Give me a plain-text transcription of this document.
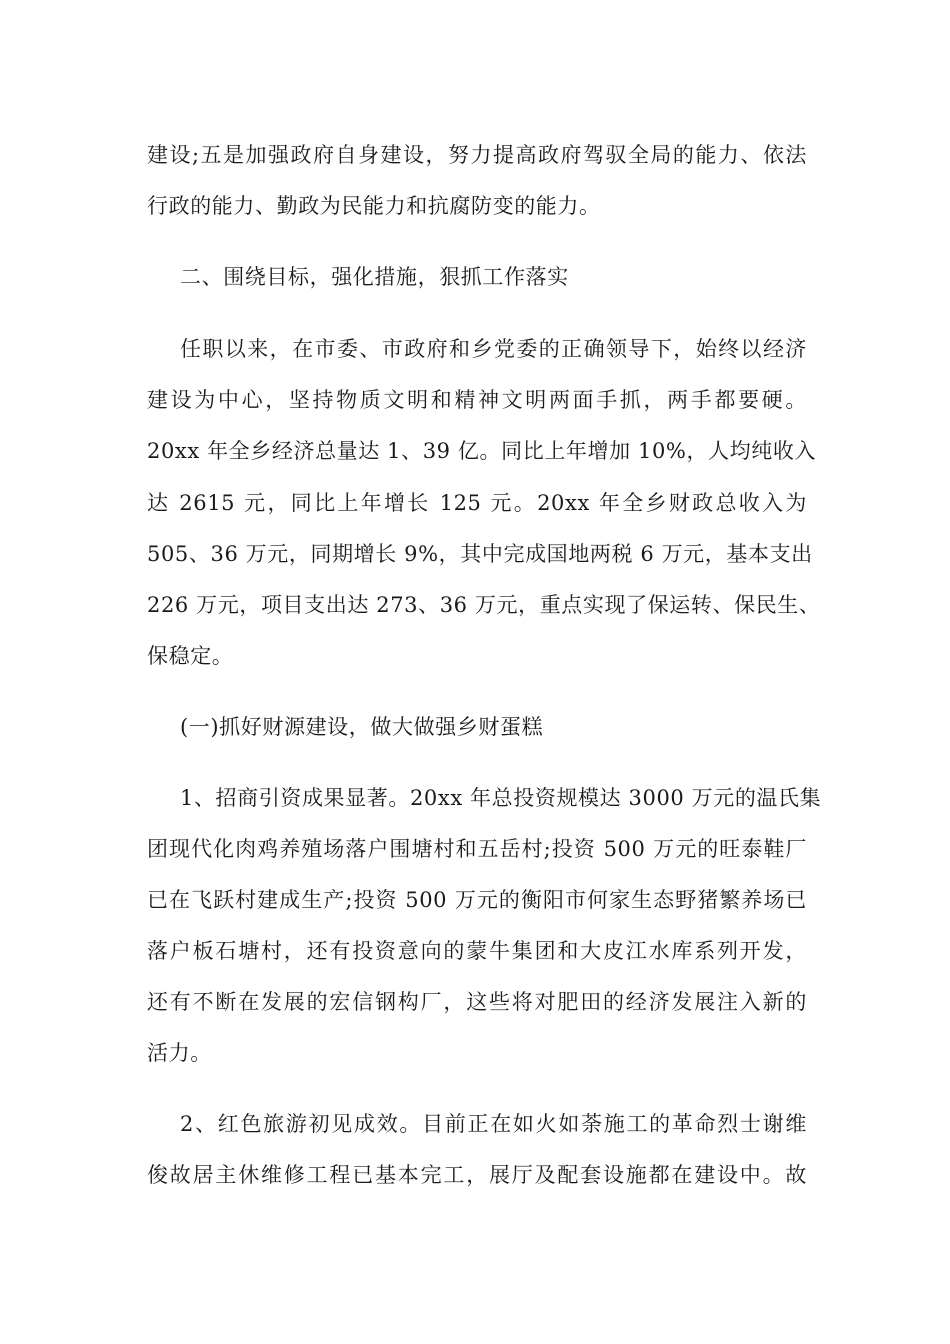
建设;五是加强政府自身建设，努力提高政府驾驭全局的能力、依法
行政的能力、勤政为民能力和抗腐防变的能力。
二、围绕目标，强化措施，狠抓工作落实
任职以来，在市委、市政府和乡党委的正确领导下，始终以经济
建设为中心，坚持物质文明和精神文明两面手抓，两手都要硬。
20xx 年全乡经济总量达 1、39 亿。同比上年增加 10%，人均纯收入
达 2615 元，同比上年增长 125 元。20xx 年全乡财政总收入为
505、36 万元，同期增长 9%，其中完成国地两税 6 万元，基本支出
226 万元，项目支出达 273、36 万元，重点实现了保运转、保民生、
保稳定。
(一)抓好财源建设，做大做强乡财蛋糕
1、招商引资成果显著。20xx 年总投资规模达 3000 万元的温氏集
团现代化肉鸡养殖场落户围塘村和五岳村;投资 500 万元的旺泰鞋厂
已在飞跃村建成生产;投资 500 万元的衡阳市何家生态野猪繁养场已
落户板石塘村，还有投资意向的蒙牛集团和大皮江水库系列开发，
还有不断在发展的宏信钢构厂，这些将对肥田的经济发展注入新的
活力。
2、红色旅游初见成效。目前正在如火如荼施工的革命烈士谢维
俊故居主休维修工程已基本完工，展厅及配套设施都在建设中。故
